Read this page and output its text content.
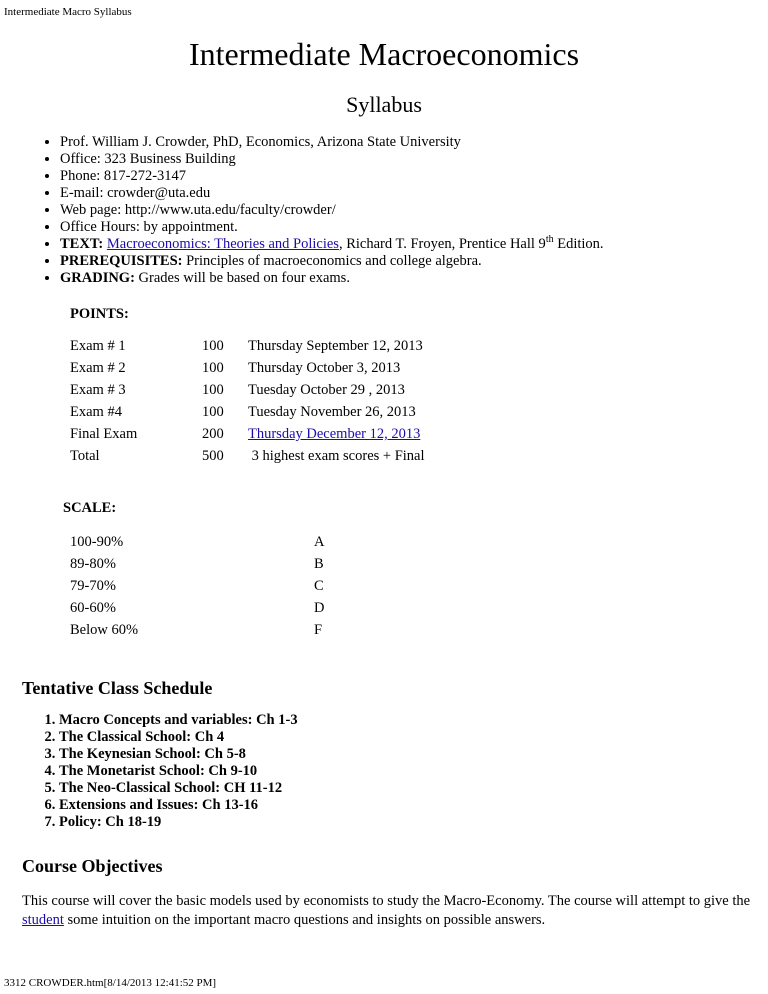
Intermediate Macro Syllabus
Intermediate Macroeconomics
Syllabus
• Prof. William J. Crowder, PhD, Economics, Arizona State University
• Office: 323 Business Building
• Phone: 817-272-3147
• E-mail: crowder@uta.edu
• Web page: http://www.uta.edu/faculty/crowder/
• Office Hours: by appointment.
• TEXT: Macroeconomics: Theories and Policies, Richard T. Froyen, Prentice Hall 9th Edition.
• PREREQUISITES: Principles of macroeconomics and college algebra.
• GRADING: Grades will be based on four exams.
POINTS:
Exam # 1	100	Thursday September 12, 2013
Exam # 2	100	Thursday October 3, 2013
Exam # 3	100	Tuesday October 29 , 2013
Exam #4	100	Tuesday November 26, 2013
Final Exam	200	Thursday December 12, 2013
Total	500	3 highest exam scores + Final
SCALE:
100-90%	A
89-80%	B
79-70%	C
60-60%	D
Below 60%	F
Tentative Class Schedule
1. Macro Concepts and variables: Ch 1-3
2. The Classical School: Ch 4
3. The Keynesian School: Ch 5-8
4. The Monetarist School: Ch 9-10
5. The Neo-Classical School: CH 11-12
6. Extensions and Issues: Ch 13-16
7. Policy: Ch 18-19
Course Objectives

This course will cover the basic models used by economists to study the Macro-Economy. The course will attempt to give the student some intuition on the important macro questions and insights on possible answers.

3312 CROWDER.htm[8/14/2013 12:41:52 PM]
